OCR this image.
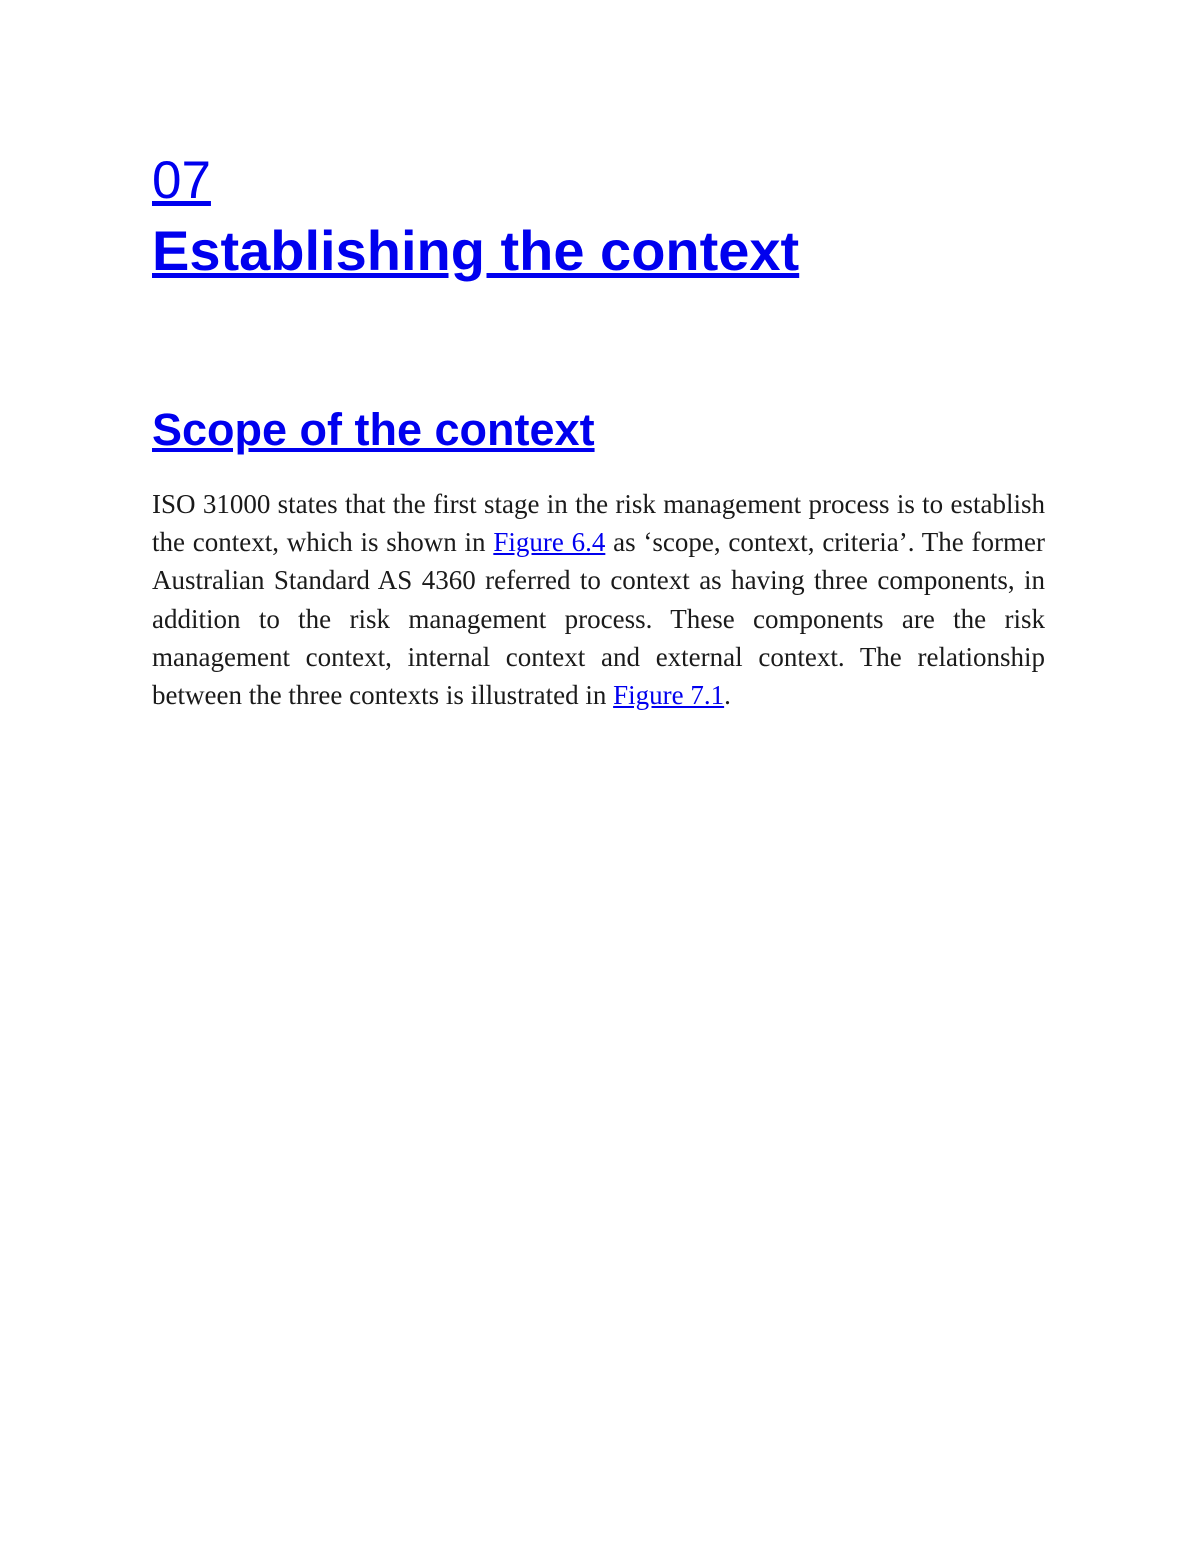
07
Establishing the context
Scope of the context

ISO 31000 states that the first stage in the risk management process is to establish the context, which is shown in Figure 6.4 as ‘scope, context, criteria’. The former Australian Standard AS 4360 referred to context as having three components, in addition to the risk management process. These components are the risk management context, internal context and external context. The relationship between the three contexts is illustrated in Figure 7.1.
